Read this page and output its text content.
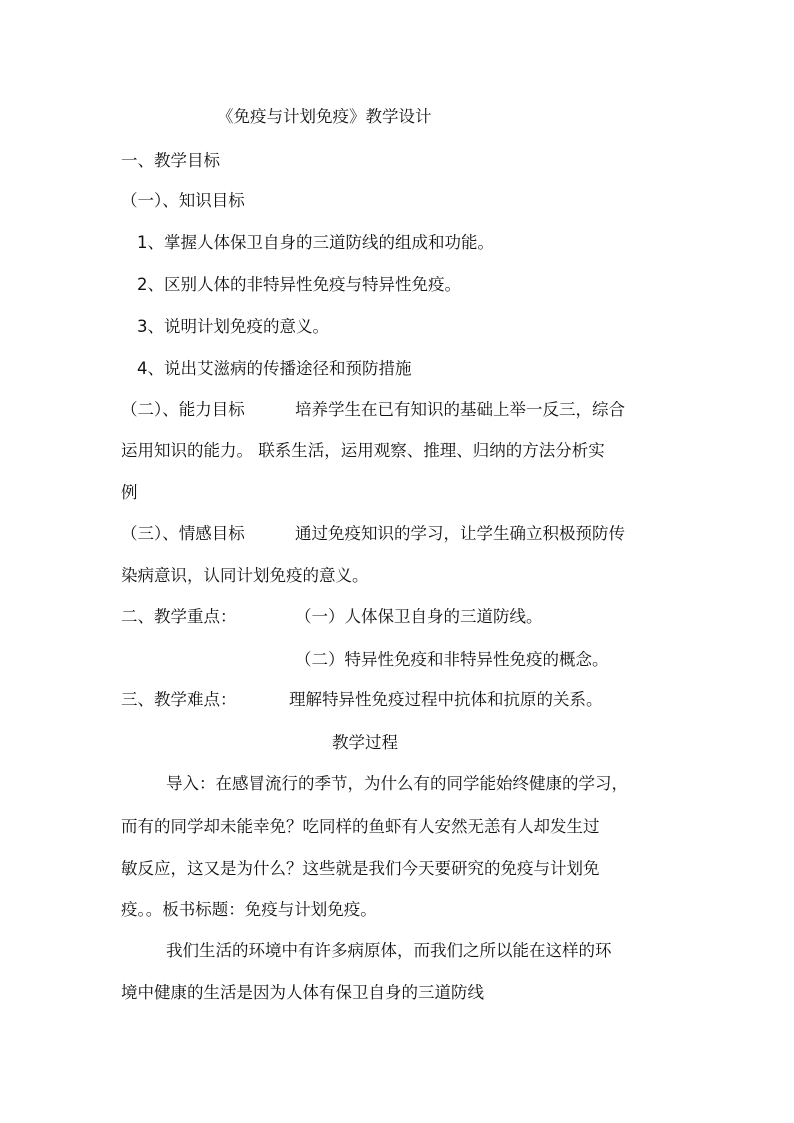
《免疫与计划免疫》教学设计
一、教学目标
（一）、知识目标
1、掌握人体保卫自身的三道防线的组成和功能。
2、区别人体的非特异性免疫与特异性免疫。
3、说明计划免疫的意义。
4、说出艾滋病的传播途径和预防措施
（二）、能力目标	培养学生在已有知识的基础上举一反三，综合
运用知识的能力。 联系生活，运用观察、推理、归纳的方法分析实
例
（三）、情感目标	通过免疫知识的学习，让学生确立积极预防传
染病意识，认同计划免疫的意义。
二、教学重点：	（一）人体保卫自身的三道防线。
（二）特异性免疫和非特异性免疫的概念。
三、教学难点：	理解特异性免疫过程中抗体和抗原的关系。
教学过程
导入：在感冒流行的季节，为什么有的同学能始终健康的学习，
而有的同学却未能幸免？吃同样的鱼虾有人安然无恙有人却发生过
敏反应，这又是为什么？这些就是我们今天要研究的免疫与计划免
疫。。板书标题：免疫与计划免疫。
我们生活的环境中有许多病原体，而我们之所以能在这样的环
境中健康的生活是因为人体有保卫自身的三道防线
